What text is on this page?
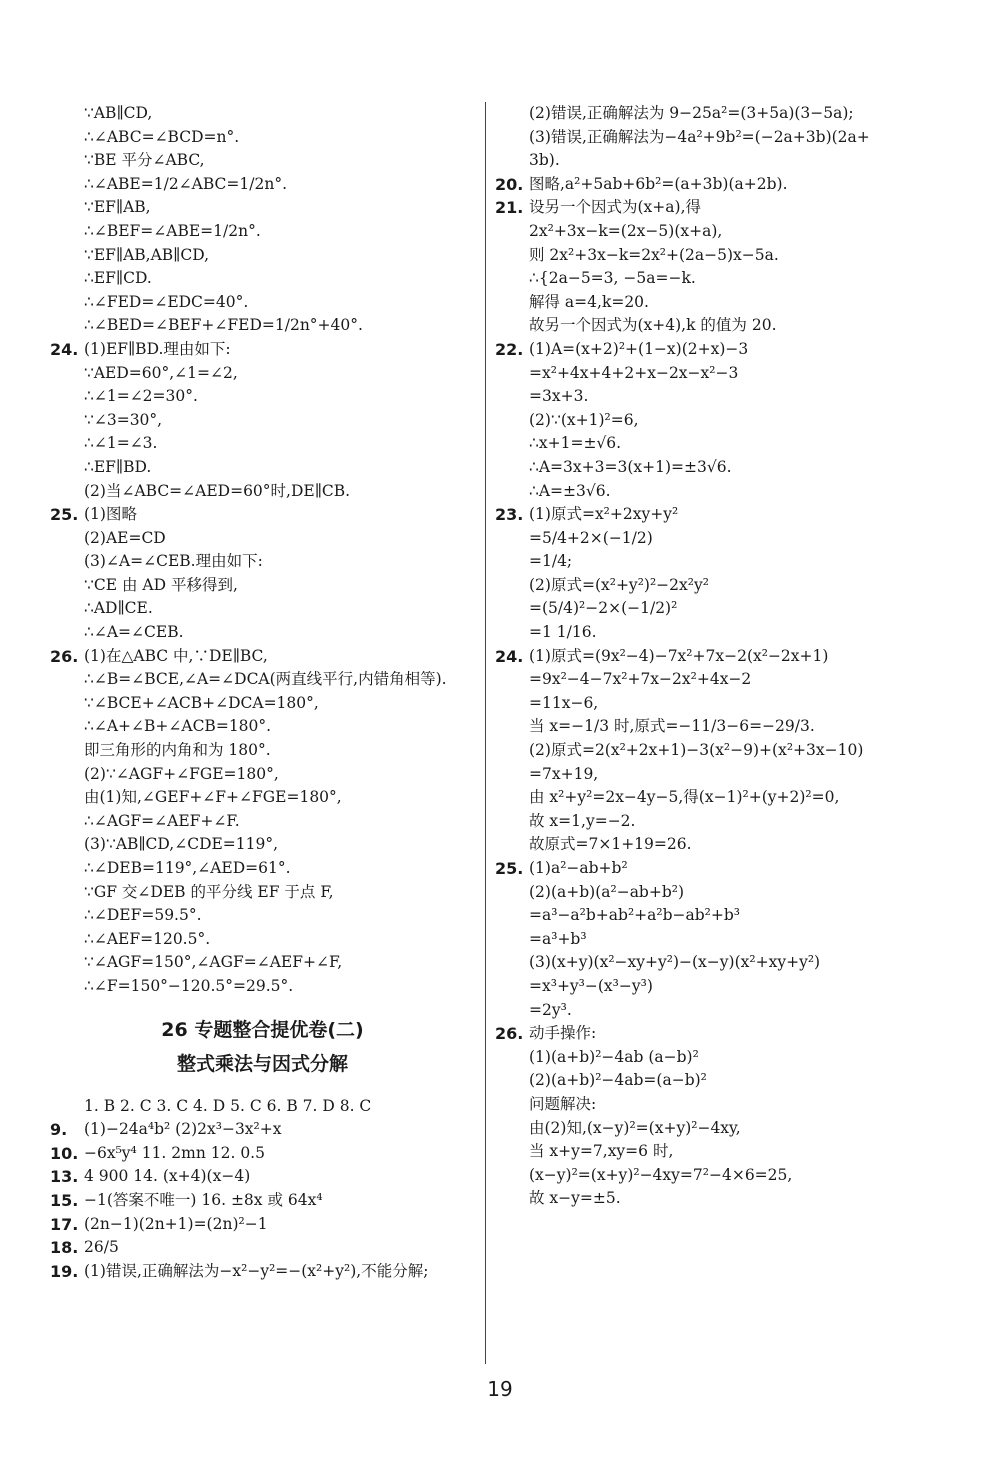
∵AB∥CD,
∴∠ABC=∠BCD=n°.
∵BE 平分∠ABC,
∴∠ABE=1/2∠ABC=1/2n°.
∵EF∥AB,
∴∠BEF=∠ABE=1/2n°.
∵EF∥AB,AB∥CD,
∴EF∥CD.
∴∠FED=∠EDC=40°.
∴∠BED=∠BEF+∠FED=1/2n°+40°.
24. (1)EF∥BD.理由如下:
∵AED=60°,∠1=∠2,
∴∠1=∠2=30°.
∵∠3=30°,
∴∠1=∠3.
∴EF∥BD.
(2)当∠ABC=∠AED=60°时,DE∥CB.
25. (1)图略
(2)AE=CD
(3)∠A=∠CEB.理由如下:
∵CE 由 AD 平移得到,
∴AD∥CE.
∴∠A=∠CEB.
26. (1)在△ABC 中,∵DE∥BC,
∴∠B=∠BCE,∠A=∠DCA(两直线平行,内错角相等).
∵∠BCE+∠ACB+∠DCA=180°,
∴∠A+∠B+∠ACB=180°.
即三角形的内角和为 180°.
(2)∵∠AGF+∠FGE=180°,
由(1)知,∠GEF+∠F+∠FGE=180°,
∴∠AGF=∠AEF+∠F.
(3)∵AB∥CD,∠CDE=119°,
∴∠DEB=119°,∠AED=61°.
∵GF 交∠DEB 的平分线 EF 于点 F,
∴∠DEF=59.5°.
∴∠AEF=120.5°.
∵∠AGF=150°,∠AGF=∠AEF+∠F,
∴∠F=150°−120.5°=29.5°.
26 专题整合提优卷(二)
整式乘法与因式分解
1. B 2. C 3. C 4. D 5. C 6. B 7. D 8. C
9.	(1)−24a⁴b² (2)2x³−3x²+x
10. −6x⁵y⁴ 11. 2mn 12. 0.5
13. 4 900 14. (x+4)(x−4)
15. −1(答案不唯一) 16. ±8x 或 64x⁴
17. (2n−1)(2n+1)=(2n)²−1
18. 26/5
19. (1)错误,正确解法为−x²−y²=−(x²+y²),不能分解;
(2)错误,正确解法为 9−25a²=(3+5a)(3−5a);
(3)错误,正确解法为−4a²+9b²=(−2a+3b)(2a+
3b).
20. 图略,a²+5ab+6b²=(a+3b)(a+2b).
21. 设另一个因式为(x+a),得
2x²+3x−k=(2x−5)(x+a),
则 2x²+3x−k=2x²+(2a−5)x−5a.
∴{2a−5=3, −5a=−k.
解得 a=4,k=20.
故另一个因式为(x+4),k 的值为 20.
22. (1)A=(x+2)²+(1−x)(2+x)−3
=x²+4x+4+2+x−2x−x²−3
=3x+3.
(2)∵(x+1)²=6,
∴x+1=±√6.
∴A=3x+3=3(x+1)=±3√6.
∴A=±3√6.
23. (1)原式=x²+2xy+y²
=5/4+2×(−1/2)
=1/4;
(2)原式=(x²+y²)²−2x²y²
=(5/4)²−2×(−1/2)²
=1 1/16.
24. (1)原式=(9x²−4)−7x²+7x−2(x²−2x+1)
=9x²−4−7x²+7x−2x²+4x−2
=11x−6,
当 x=−1/3 时,原式=−11/3−6=−29/3.
(2)原式=2(x²+2x+1)−3(x²−9)+(x²+3x−10)
=7x+19,
由 x²+y²=2x−4y−5,得(x−1)²+(y+2)²=0,
故 x=1,y=−2.
故原式=7×1+19=26.
25. (1)a²−ab+b²
(2)(a+b)(a²−ab+b²)
=a³−a²b+ab²+a²b−ab²+b³
=a³+b³
(3)(x+y)(x²−xy+y²)−(x−y)(x²+xy+y²)
=x³+y³−(x³−y³)
=2y³.
26. 动手操作:
(1)(a+b)²−4ab (a−b)²
(2)(a+b)²−4ab=(a−b)²
问题解决:
由(2)知,(x−y)²=(x+y)²−4xy,
当 x+y=7,xy=6 时,
(x−y)²=(x+y)²−4xy=7²−4×6=25,
故 x−y=±5.
19
